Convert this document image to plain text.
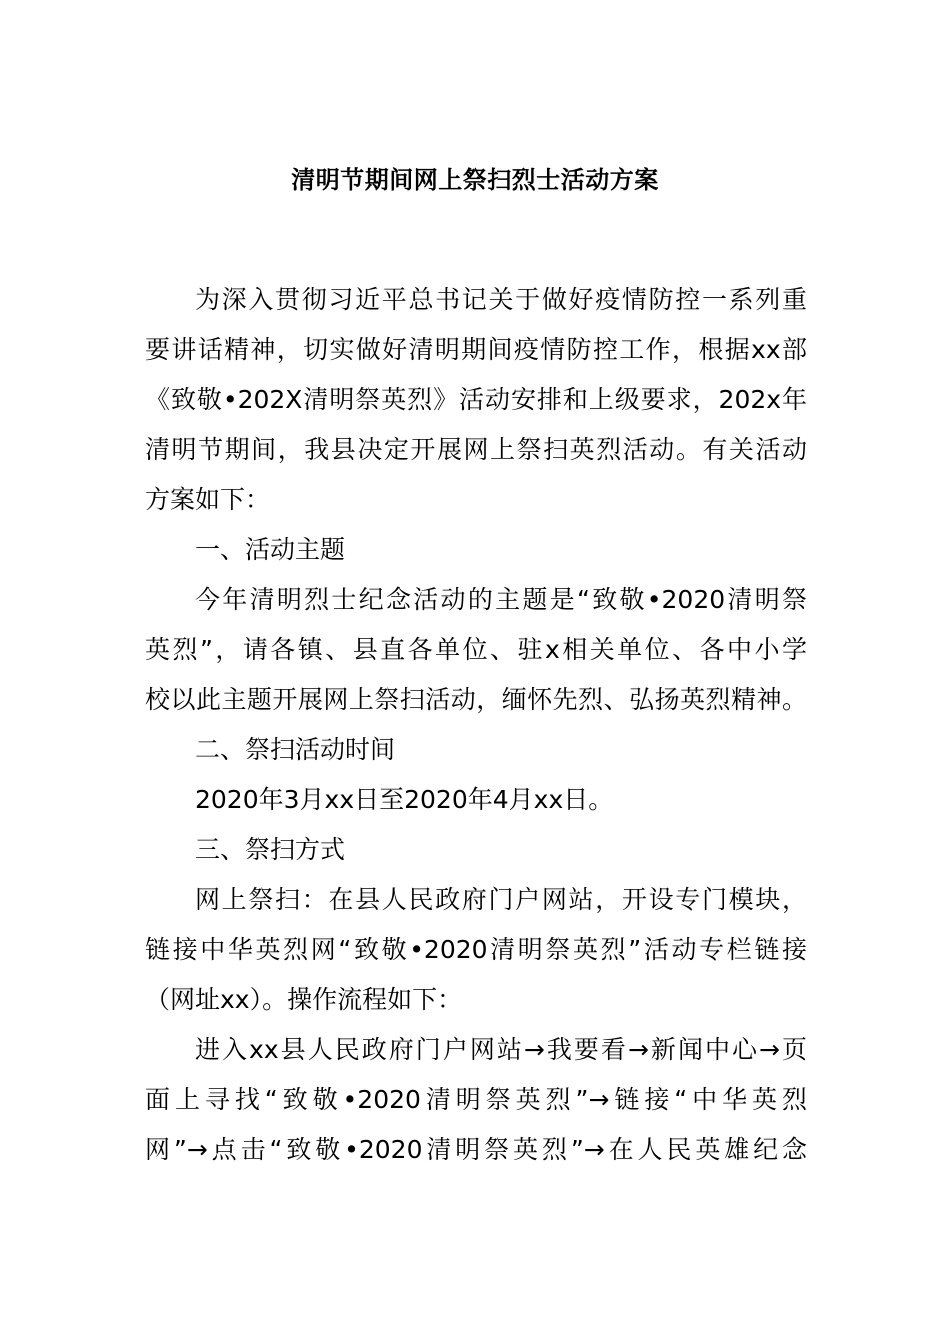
清明节期间网上祭扫烈士活动方案
为深入贯彻习近平总书记关于做好疫情防控一系列重
要讲话精神，切实做好清明期间疫情防控工作，根据xx部
《致敬•202X清明祭英烈》活动安排和上级要求，202x年
清明节期间，我县决定开展网上祭扫英烈活动。有关活动
方案如下：
一、活动主题
今年清明烈士纪念活动的主题是“致敬•2020清明祭
英烈”，请各镇、县直各单位、驻x相关单位、各中小学
校以此主题开展网上祭扫活动，缅怀先烈、弘扬英烈精神。
二、祭扫活动时间
2020年3月xx日至2020年4月xx日。
三、祭扫方式
网上祭扫：在县人民政府门户网站，开设专门模块，
链接中华英烈网“致敬•2020清明祭英烈”活动专栏链接
（网址xx）。操作流程如下：
进入xx县人民政府门户网站→我要看→新闻中心→页
面上寻找“致敬•2020清明祭英烈”→链接“中华英烈
网”→点击“致敬•2020清明祭英烈”→在人民英雄纪念
